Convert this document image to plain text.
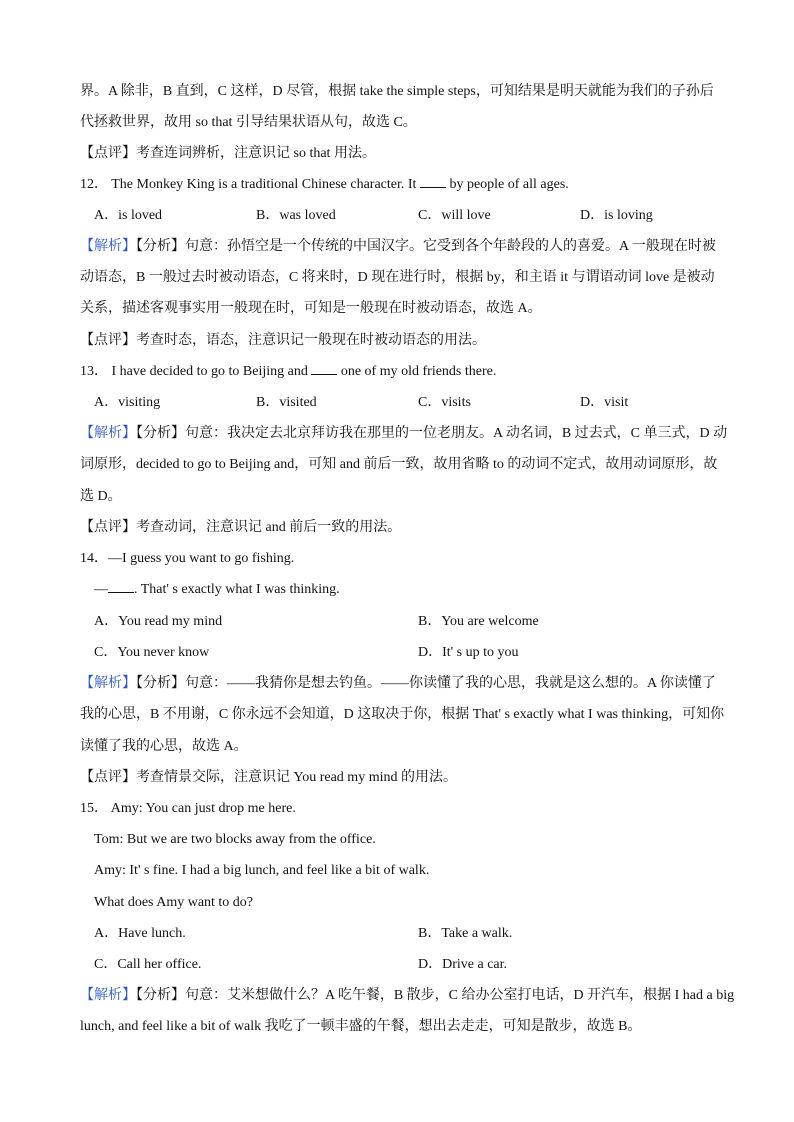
界。A 除非，B 直到，C 这样，D 尽管，根据 take the simple steps，可知结果是明天就能为我们的子孙后
代拯救世界，故用 so that 引导结果状语从句，故选 C。
【点评】考查连词辨析，注意识记 so that 用法。
12． The Monkey King is a traditional Chinese character. It by people of all ages.
A．is loved	B．was loved	C．will love	D．is loving
【解析】【分析】句意：孙悟空是一个传统的中国汉字。它受到各个年龄段的人的喜爱。A 一般现在时被
动语态，B 一般过去时被动语态，C 将来时，D 现在进行时，根据 by，和主语 it 与谓语动词 love 是被动
关系，描述客观事实用一般现在时，可知是一般现在时被动语态，故选 A。
【点评】考查时态，语态，注意识记一般现在时被动语态的用法。
13． I have decided to go to Beijing and one of my old friends there.
A．visiting	B．visited	C．visits	D．visit
【解析】【分析】句意：我决定去北京拜访我在那里的一位老朋友。A 动名词，B 过去式，C 单三式，D 动
词原形，decided to go to Beijing and，可知 and 前后一致，故用省略 to 的动词不定式，故用动词原形，故
选 D。
【点评】考查动词，注意识记 and 前后一致的用法。
14．—I guess you want to go fishing.
— . That' s exactly what I was thinking.
A．You read my mind	B．You are welcome
C．You never know	D．It' s up to you
【解析】【分析】句意：——我猜你是想去钓鱼。——你读懂了我的心思，我就是这么想的。A 你读懂了
我的心思，B 不用谢，C 你永远不会知道，D 这取决于你，根据 That' s exactly what I was thinking，可知你
读懂了我的心思，故选 A。
【点评】考查情景交际，注意识记 You read my mind 的用法。
15． Amy: You can just drop me here.
Tom: But we are two blocks away from the office.
Amy: It' s fine. I had a big lunch, and feel like a bit of walk.
What does Amy want to do?
A．Have lunch.	B．Take a walk.
C．Call her office.	D．Drive a car.
【解析】【分析】句意：艾米想做什么？A 吃午餐，B 散步，C 给办公室打电话，D 开汽车，根据 I had a big
lunch, and feel like a bit of walk 我吃了一顿丰盛的午餐，想出去走走，可知是散步，故选 B。
